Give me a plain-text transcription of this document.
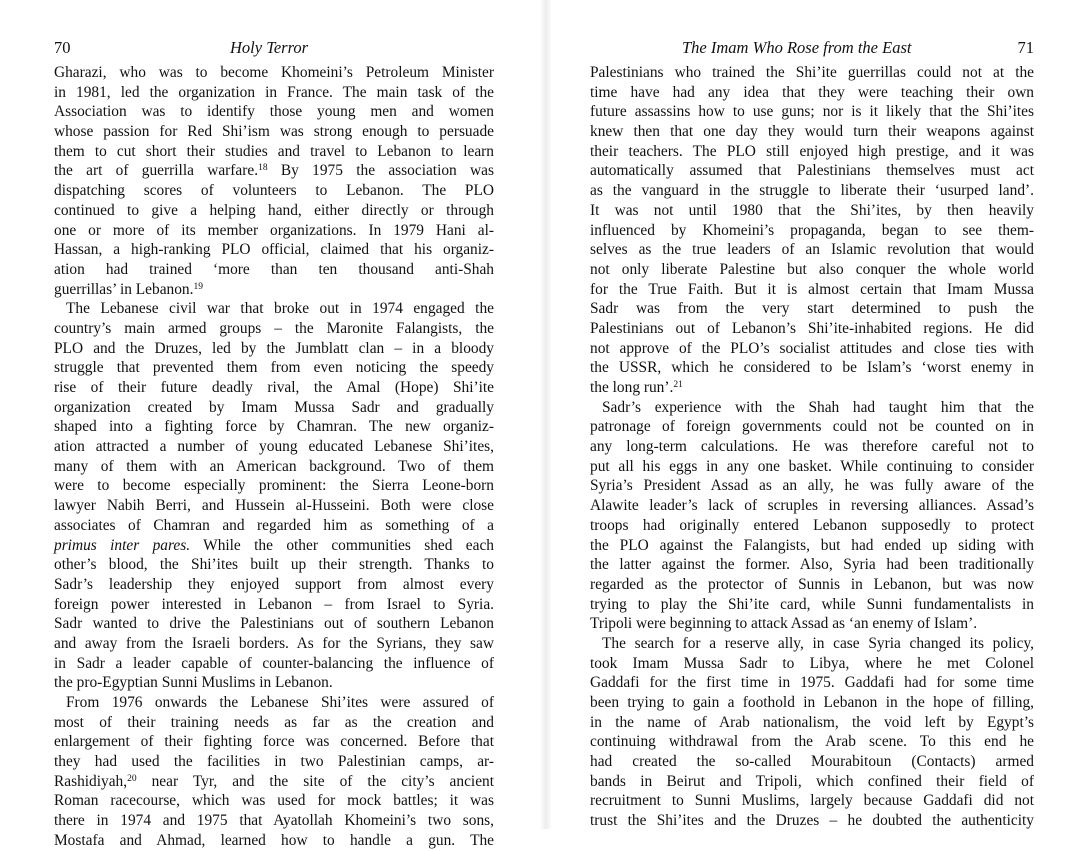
70	Holy Terror
Gharazi, who was to become Khomeini’s Petroleum Minister
in 1981, led the organization in France. The main task of the
Association was to identify those young men and women
whose passion for Red Shi’ism was strong enough to persuade
them to cut short their studies and travel to Lebanon to learn
the art of guerrilla warfare.$^{18}$ By 1975 the association was
dispatching scores of volunteers to Lebanon. The PLO
continued to give a helping hand, either directly or through
one or more of its member organizations. In 1979 Hani al-
Hassan, a high-ranking PLO official, claimed that his organiz-
ation had trained ‘more than ten thousand anti-Shah
guerrillas’ in Lebanon.$^{19}$
The Lebanese civil war that broke out in 1974 engaged the
country’s main armed groups – the Maronite Falangists, the
PLO and the Druzes, led by the Jumblatt clan – in a bloody
struggle that prevented them from even noticing the speedy
rise of their future deadly rival, the Amal (Hope) Shi’ite
organization created by Imam Mussa Sadr and gradually
shaped into a fighting force by Chamran. The new organiz-
ation attracted a number of young educated Lebanese Shi’ites,
many of them with an American background. Two of them
were to become especially prominent: the Sierra Leone-born
lawyer Nabih Berri, and Hussein al-Husseini. Both were close
associates of Chamran and regarded him as something of a
primus inter pares. While the other communities shed each
other’s blood, the Shi’ites built up their strength. Thanks to
Sadr’s leadership they enjoyed support from almost every
foreign power interested in Lebanon – from Israel to Syria.
Sadr wanted to drive the Palestinians out of southern Lebanon
and away from the Israeli borders. As for the Syrians, they saw
in Sadr a leader capable of counter-balancing the influence of
the pro-Egyptian Sunni Muslims in Lebanon.
From 1976 onwards the Lebanese Shi’ites were assured of
most of their training needs as far as the creation and
enlargement of their fighting force was concerned. Before that
they had used the facilities in two Palestinian camps, ar-
Rashidiyah,$^{20}$ near Tyr, and the site of the city’s ancient
Roman racecourse, which was used for mock battles; it was
there in 1974 and 1975 that Ayatollah Khomeini’s two sons,
Mostafa and Ahmad, learned how to handle a gun. The
The Imam Who Rose from the East	71
Palestinians who trained the Shi’ite guerrillas could not at the
time have had any idea that they were teaching their own
future assassins how to use guns; nor is it likely that the Shi’ites
knew then that one day they would turn their weapons against
their teachers. The PLO still enjoyed high prestige, and it was
automatically assumed that Palestinians themselves must act
as the vanguard in the struggle to liberate their ‘usurped land’.
It was not until 1980 that the Shi’ites, by then heavily
influenced by Khomeini’s propaganda, began to see them-
selves as the true leaders of an Islamic revolution that would
not only liberate Palestine but also conquer the whole world
for the True Faith. But it is almost certain that Imam Mussa
Sadr was from the very start determined to push the
Palestinians out of Lebanon’s Shi’ite-inhabited regions. He did
not approve of the PLO’s socialist attitudes and close ties with
the USSR, which he considered to be Islam’s ‘worst enemy in
the long run’.$^{21}$
Sadr’s experience with the Shah had taught him that the
patronage of foreign governments could not be counted on in
any long-term calculations. He was therefore careful not to
put all his eggs in any one basket. While continuing to consider
Syria’s President Assad as an ally, he was fully aware of the
Alawite leader’s lack of scruples in reversing alliances. Assad’s
troops had originally entered Lebanon supposedly to protect
the PLO against the Falangists, but had ended up siding with
the latter against the former. Also, Syria had been traditionally
regarded as the protector of Sunnis in Lebanon, but was now
trying to play the Shi’ite card, while Sunni fundamentalists in
Tripoli were beginning to attack Assad as ‘an enemy of Islam’.
The search for a reserve ally, in case Syria changed its policy,
took Imam Mussa Sadr to Libya, where he met Colonel
Gaddafi for the first time in 1975. Gaddafi had for some time
been trying to gain a foothold in Lebanon in the hope of filling,
in the name of Arab nationalism, the void left by Egypt’s
continuing withdrawal from the Arab scene. To this end he
had created the so-called Mourabitoun (Contacts) armed
bands in Beirut and Tripoli, which confined their field of
recruitment to Sunni Muslims, largely because Gaddafi did not
trust the Shi’ites and the Druzes – he doubted the authenticity
